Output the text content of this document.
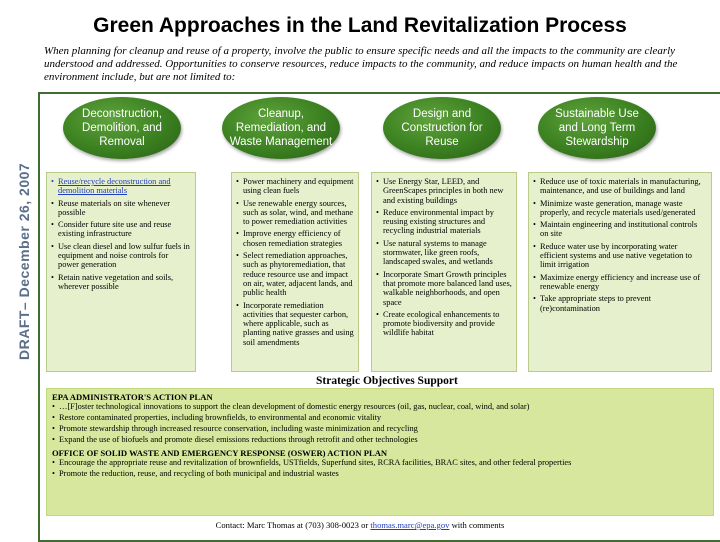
Green Approaches in the Land Revitalization Process
When planning for cleanup and reuse of a property, involve the public to ensure specific needs and all the impacts to the community are clearly understood and addressed. Opportunities to conserve resources, reduce impacts to the community, and reduce impacts on human health and the environment include, but are not limited to:
DRAFT– December 26, 2007
Deconstruction, Demolition, and Removal
Cleanup, Remediation, and Waste Management
Design and Construction for Reuse
Sustainable Use and Long Term Stewardship
• Reuse/recycle deconstruction and demolition materials
• Reuse materials on site whenever possible
• Consider future site use and reuse existing infrastructure
• Use clean diesel and low sulfur fuels in equipment and noise controls for power generation
• Retain native vegetation and soils, wherever possible
• Power machinery and equipment using clean fuels
• Use renewable energy sources, such as solar, wind, and methane to power remediation activities
• Improve energy efficiency of chosen remediation strategies
• Select remediation approaches, such as phytoremediation, that reduce resource use and impact on air, water, adjacent lands, and public health
• Incorporate remediation activities that sequester carbon, where applicable, such as planting native grasses and using soil amendments
• Use Energy Star, LEED, and GreenScapes principles in both new and existing buildings
• Reduce environmental impact by reusing existing structures and recycling industrial materials
• Use natural systems to manage stormwater, like green roofs, landscaped swales, and wetlands
• Incorporate Smart Growth principles that promote more balanced land uses, walkable neighborhoods, and open space
• Create ecological enhancements to promote biodiversity and provide wildlife habitat
• Reduce use of toxic materials in manufacturing, maintenance, and use of buildings and land
• Minimize waste generation, manage waste properly, and recycle materials used/generated
• Maintain engineering and institutional controls on site
• Reduce water use by incorporating water efficient systems and use native vegetation to limit irrigation
• Maximize energy efficiency and increase use of renewable energy
• Take appropriate steps to prevent (re)contamination
Strategic Objectives Support

EPA ADMINISTRATOR'S ACTION PLAN

• …[F]oster technological innovations to support the clean development of domestic energy resources (oil, gas, nuclear, coal, wind, and solar)

• Restore contaminated properties, including brownfields, to environmental and economic vitality

• Promote stewardship through increased resource conservation, including waste minimization and recycling

• Expand the use of biofuels and promote diesel emissions reductions through retrofit and other technologies

OFFICE OF SOLID WASTE AND EMERGENCY RESPONSE (OSWER) ACTION PLAN

• Encourage the appropriate reuse and revitalization of brownfields, USTfields, Superfund sites, RCRA facilities, BRAC sites, and other federal properties

• Promote the reduction, reuse, and recycling of both municipal and industrial wastes

Contact: Marc Thomas at (703) 308-0023 or thomas.marc@epa.gov with comments
